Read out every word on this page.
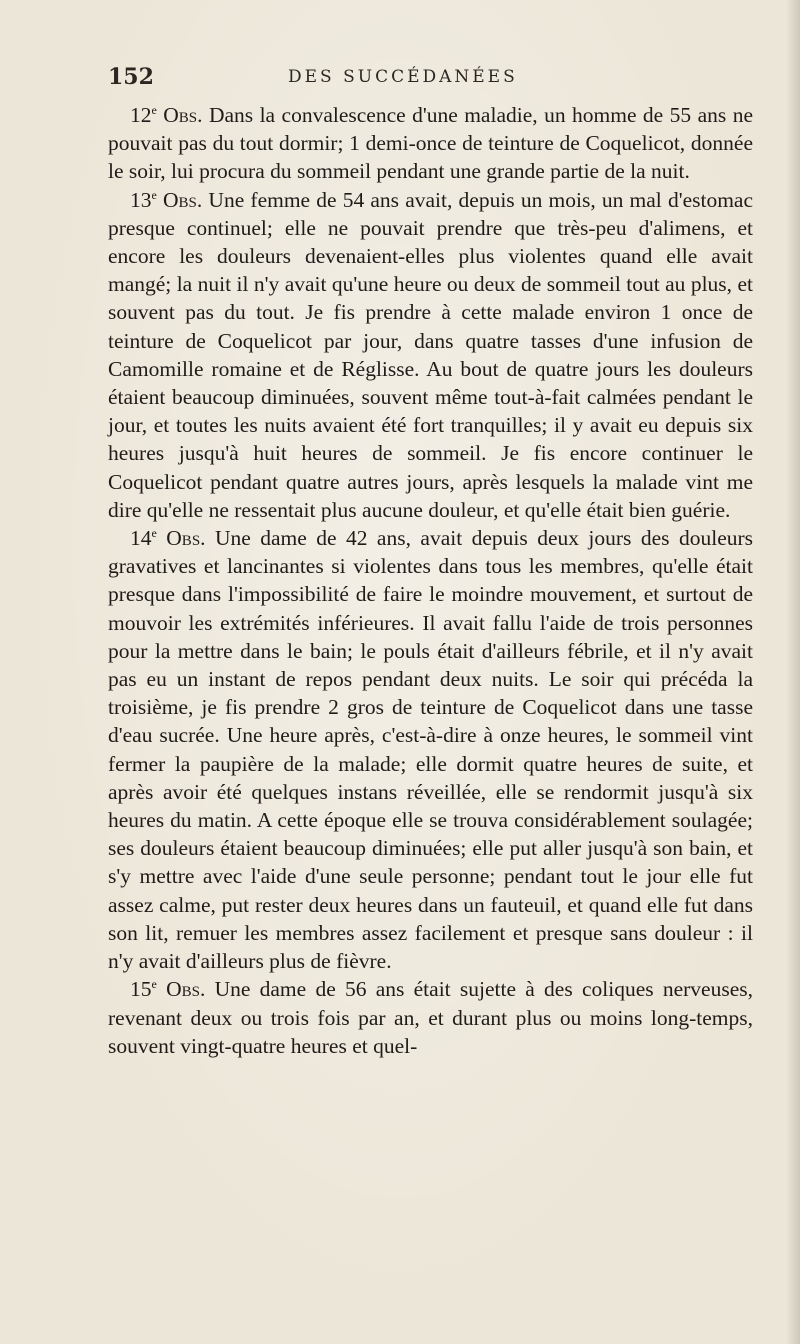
152	DES SUCCÉDANÉES

12e Obs. Dans la convalescence d'une maladie, un homme de 55 ans ne pouvait pas du tout dormir; 1 demi-once de teinture de Coquelicot, donnée le soir, lui procura du sommeil pendant une grande partie de la nuit.

13e Obs. Une femme de 54 ans avait, depuis un mois, un mal d'estomac presque continuel; elle ne pouvait prendre que très-peu d'alimens, et encore les douleurs devenaient-elles plus violentes quand elle avait mangé; la nuit il n'y avait qu'une heure ou deux de sommeil tout au plus, et souvent pas du tout. Je fis prendre à cette malade environ 1 once de teinture de Coquelicot par jour, dans quatre tasses d'une infusion de Camomille romaine et de Réglisse. Au bout de quatre jours les douleurs étaient beaucoup diminuées, souvent même tout-à-fait calmées pendant le jour, et toutes les nuits avaient été fort tranquilles; il y avait eu depuis six heures jusqu'à huit heures de sommeil. Je fis encore continuer le Coquelicot pendant quatre autres jours, après lesquels la malade vint me dire qu'elle ne ressentait plus aucune douleur, et qu'elle était bien guérie.

14e Obs. Une dame de 42 ans, avait depuis deux jours des douleurs gravatives et lancinantes si violentes dans tous les membres, qu'elle était presque dans l'impossibilité de faire le moindre mouvement, et surtout de mouvoir les extrémités inférieures. Il avait fallu l'aide de trois personnes pour la mettre dans le bain; le pouls était d'ailleurs fébrile, et il n'y avait pas eu un instant de repos pendant deux nuits. Le soir qui précéda la troisième, je fis prendre 2 gros de teinture de Coquelicot dans une tasse d'eau sucrée. Une heure après, c'est-à-dire à onze heures, le sommeil vint fermer la paupière de la malade; elle dormit quatre heures de suite, et après avoir été quelques instans réveillée, elle se rendormit jusqu'à six heures du matin. A cette époque elle se trouva considérablement soulagée; ses douleurs étaient beaucoup diminuées; elle put aller jusqu'à son bain, et s'y mettre avec l'aide d'une seule personne; pendant tout le jour elle fut assez calme, put rester deux heures dans un fauteuil, et quand elle fut dans son lit, remuer les membres assez facilement et presque sans douleur : il n'y avait d'ailleurs plus de fièvre.

15e Obs. Une dame de 56 ans était sujette à des coliques nerveuses, revenant deux ou trois fois par an, et durant plus ou moins long-temps, souvent vingt-quatre heures et quel-
